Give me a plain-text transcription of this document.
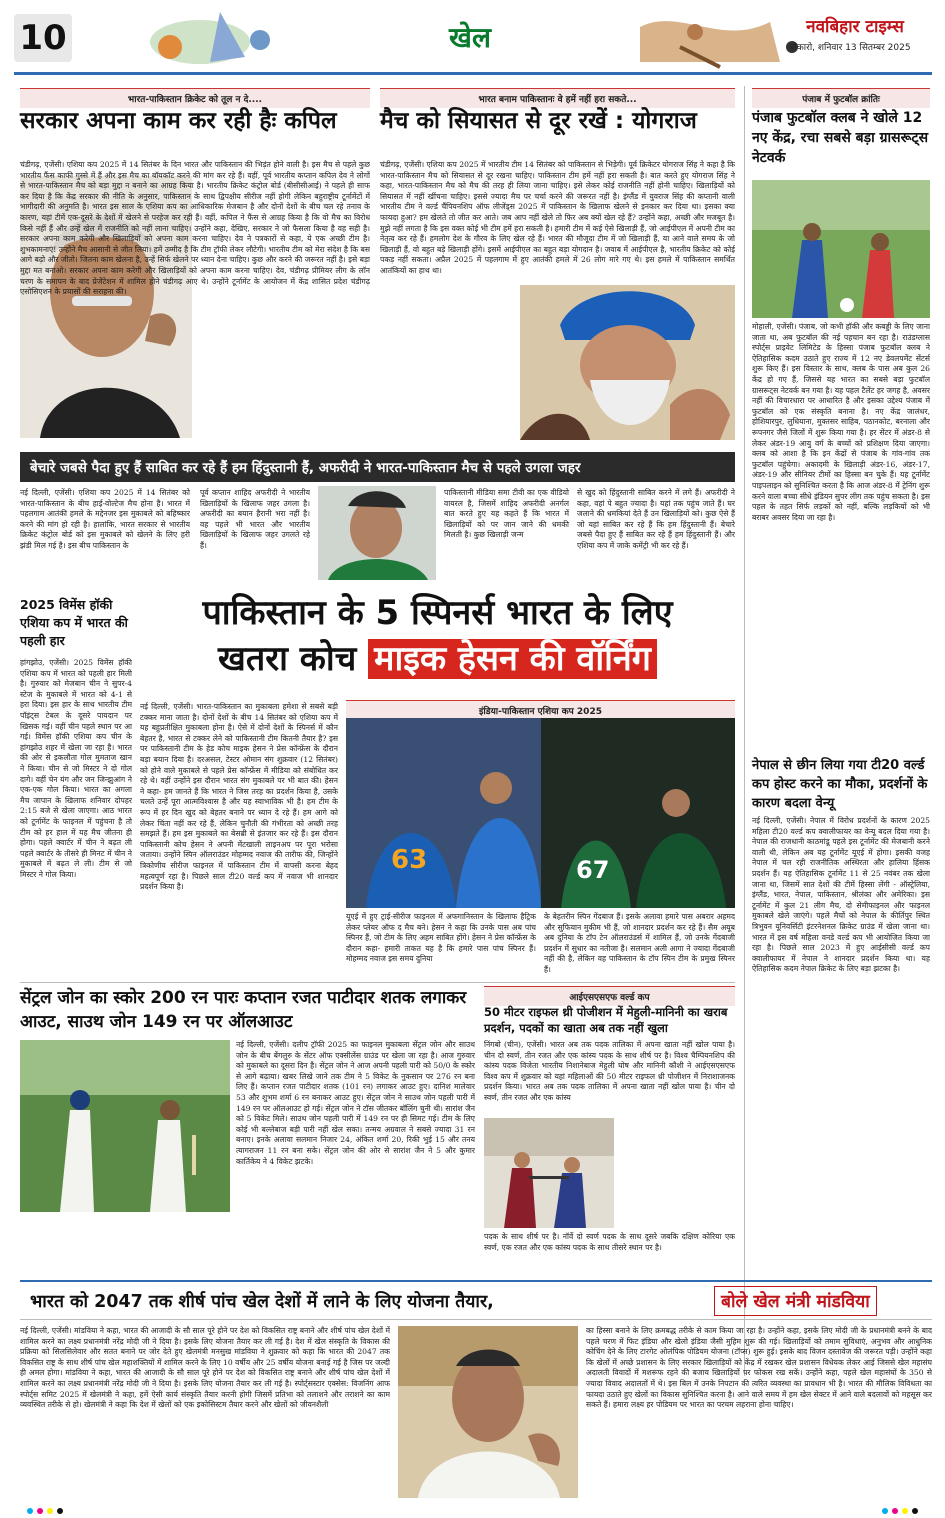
10	खेल	नवबिहार टाइम्स
बोकारो, शनिवार 13 सितम्बर 2025
भारत-पाकिस्तान क्रिकेट को तूल न दे....
सरकार अपना काम कर रही हैः कपिल
चंडीगढ़, एजेंसी। एशिया कप 2025 में 14 सितंबर के दिन भारत और पाकिस्तान की भिड़ंत होने वाली है। इस मैच से पहले कुछ भारतीय फैंस काफी गुस्से में हैं और इस मैच का बॉयकॉट करने की मांग कर रहे हैं। वहीं, पूर्व भारतीय कप्तान कपिल देव ने लोगों से भारत-पाकिस्तान मैच को बड़ा मुद्दा न बनाने का आग्रह किया है। भारतीय क्रिकेट कंट्रोल बोर्ड (बीसीसीआई) ने पहले ही साफ कर दिया है कि केंद्र सरकार की नीति के अनुसार, पाकिस्तान के साथ द्विपक्षीय सीरीज नहीं होगी लेकिन बहुराष्ट्रीय टूर्नामेंटों में भागीदारी की अनुमति है। भारत इस साल के एशिया कप का आधिकारिक मेजबान है और दोनों देशों के बीच चल रहे तनाव के कारण, यहां टीमें एक-दूसरे के देशों में खेलने से परहेज कर रही हैं। वहीं, कपिल ने फैंस से आग्रह किया है कि वो मैच का विरोध किसे नहीं हैं और उन्हें खेल में राजनीति को नहीं लाना चाहिए। उन्होंने कहा, देखिए, सरकार ने जो फैसला किया है वह सही है। सरकार अपना काम करेगी और खिलाड़ियों को अपना काम करना चाहिए। देव ने पत्रकारों से कहा, ये एक अच्छी टीम है। शुभकामनाएं! उन्होंने मैच आसानी से जीत लिया। हमें उम्मीद है कि टीम ट्रॉफी लेकर लौटेगी। भारतीय टीम को मेरा संदेश है कि बस आगे बढ़ो और जीतो। जितना काम खेलना है, उन्हें सिर्फ खेलने पर ध्यान देना चाहिए। कुछ और करने की जरूरत नहीं है। इसे बड़ा मुद्दा मत बनाओ। सरकार अपना काम करेगी और खिलाड़ियों को अपना काम करना चाहिए। देव, चंडीगढ़ प्रीमियर लीग के लॉन चरण के समापन के बाद प्रेजेंटेशन में शामिल होने चंडीगढ़ आए थे। उन्होंने टूर्नामेंट के आयोजन में केंद्र शासित प्रदेश चंडीगढ़ एसोसिएशन के प्रयासों की सराहना की।
भारत बनाम पाकिस्तानः वे हमें नहीं हरा सकते...
मैच को सियासत से दूर रखें : योगराज
चंडीगढ़, एजेंसी। एशिया कप 2025 में भारतीय टीम 14 सितंबर को पाकिस्तान से भिड़ेगी। पूर्व क्रिकेटर योगराज सिंह ने कहा है कि भारत-पाकिस्तान मैच को सियासत से दूर रखना चाहिए। पाकिस्तान टीम हमें नहीं हरा सकती है। बात करते हुए योगराज सिंह ने कहा, भारत-पाकिस्तान मैच को मैच की तरह ही लिया जाना चाहिए। इसे लेकर कोई राजनीति नहीं होनी चाहिए। खिलाड़ियों को सियासत में नहीं खींचना चाहिए। इससे ज्यादा मैच पर चर्चा करने की जरूरत नहीं है। इंग्लैंड में युवराज सिंह की कप्तानी वाली भारतीय टीम ने वर्ल्ड चैंपियनशिप ऑफ लीजेंड्स 2025 में पाकिस्तान के खिलाफ खेलने से इनकार कर दिया था। इसका क्या फायदा हुआ? हम खेलते तो जीत कर आते। जब आप नहीं खेले तो फिर अब क्यों खेल रहे हैं? उन्होंने कहा, अच्छी और मजबूत है। मुझे नहीं लगता है कि इस वक्त कोई भी टीम हमें हरा सकती है। हमारी टीम में कई ऐसे खिलाड़ी हैं, जो आईपीएल में अपनी टीम का नेतृत्व कर रहे हैं। हमलोग देश के गौरव के लिए खेल रहे हैं। भारत की मौजूदा टीम में जो खिलाड़ी हैं, या आने वाले समय के जो खिलाड़ी हैं, वो बहुत बड़े खिलाड़ी होंगे। इसमें आईपीएल का बहुत बड़ा योगदान है। जवाब में आईपीएल है, भारतीय क्रिकेट को कोई पकड़ नहीं सकता। अप्रैल 2025 में पहलगाम में हुए आतंकी हमले में 26 लोग मारे गए थे। इस हमले में पाकिस्तान समर्थित आतंकियों का हाथ था।
बेचारे जबसे पैदा हुए हैं साबित कर रहे हैं हम हिंदुस्तानी हैं, अफरीदी ने भारत-पाकिस्तान मैच से पहले उगला जहर
नई दिल्ली, एजेंसी। एशिया कप 2025 में 14 सितंबर को भारत-पाकिस्तान के बीच हाई-वोल्टेज मैच होना है। भारत में पहलगाम आतंकी हमले के मद्देनजर इस मुकाबले को बहिष्कार करने की मांग हो रही है। हालांकि, भारत सरकार से भारतीय क्रिकेट कंट्रोल बोर्ड को इस मुकाबले को खेलने के लिए हरी झंडी मिल गई है। इस बीच पाकिस्तान के
पूर्व कप्तान शाहिद अफरीदी ने भारतीय खिलाड़ियों के खिलाफ जहर उगला है। अफरीदी का बयान हैरानी भरा नहीं है। वह पहले भी भारत और भारतीय खिलाड़ियों के खिलाफ जहर उगलते रहे हैं।
पाकिस्तानी मीडिया समा टीवी का एक वीडियो वायरल है, जिसमें शाहिद अफरीदी अनर्गल बात करते हुए यह कहते हैं कि भारत में खिलाड़ियों को पर जान जाने की धमकी मिलती है। कुछ खिलाड़ी जन्म
से खुद को हिंदुस्तानी साबित करने में लगे हैं। अफरीदी ने कहा, वहां पे बहुत ज्यादा है। यहां तक पहुंच जाते हैं। घर जलाने की धमकियां देते हैं उन खिलाड़ियों को। कुछ ऐसे हैं जो यहां साबित कर रहे हैं कि हम हिंदुस्तानी हैं। बेचारे जबसे पैदा हुए हैं साबित कर रहे हैं हम हिंदुस्तानी हैं। और एशिया कप में जाके कमेंट्री भी कर रहे हैं।
2025 विमेंस हॉकी एशिया कप में भारत की पहली हार
हांगझोउ, एजेंसी। 2025 विमेंस हॉकी एशिया कप में भारत को पहली हार मिली है। गुरुवार को मेजबान चीन ने सुपर-4 स्टेज के मुकाबले में भारत को 4-1 से हरा दिया। इस हार के साथ भारतीय टीम पॉइंट्स टेबल के दूसरे पायदान पर खिसक गई। वहीं चीन पहले स्थान पर आ गई। विमेंस हॉकी एशिया कप चीन के हांगझोउ शहर में खेला जा रहा है। भारत की ओर से इकलौता गोल मुमताज खान ने किया। चीन से जो मिस्टर ने दो गोल दागे। वहीं चेन यंग और जन जिन्झुआंग ने एक-एक गोल किया। भारत का अगला मैच जापान के खिलाफ शनिवार दोपहर 2:15 बजे से खेला जाएगा। आठ भारत को टूर्नामेंट के फाइनल में पहुंचना है तो टीम को हर हाल में यह मैच जीतना ही होगा। पहले क्वार्टर में चीन ने बढ़त ली पहले क्वार्टर के तीसरे ही मिनट में चीन ने मुकाबले में बढ़त ले ली। टीम से जो मिस्टर ने गोल किया।
पाकिस्तान के 5 स्पिनर्स भारत के लिए
खतरा कोच माइक हेसन की वॉर्निंग
नई दिल्ली, एजेंसी। भारत-पाकिस्तान का मुकाबला हमेशा से सबसे बड़ी टक्कर माना जाता है। दोनों देशों के बीच 14 सितंबर को एशिया कप में यह बहुप्रतीक्षित मुकाबला होना है। ऐसे में दोनों देशों के स्पिनर्स में कौन बेहतर है, भारत से टक्कर लेने को पाकिस्तानी टीम कितनी तैयार है? इस पर पाकिस्तानी टीम के हेड कोच माइक हेसन ने प्रेस कॉन्फ्रेंस के दौरान बड़ा बयान दिया है। दरअसल, टेस्टर ओमान संग शुक्रवार (12 सितंबर) को होने वाले मुकाबले से पहले प्रेस कॉन्फ्रेंस में मीडिया को संबोधित कर रहे थे। वहीं उन्होंने इस दौरान भारत संग मुकाबले पर भी बात की। हेसन ने कहा- हम जानते हैं कि भारत ने जिस तरह का प्रदर्शन किया है, उसके चलते उन्हें पूरा आत्मविश्वास है और यह स्वाभाविक भी है। हम टीम के रूप में हर दिन खुद को बेहतर बनाने पर ध्यान दे रहे हैं। हम आगे को लेकर चिंता नहीं कर रहे हैं, लेकिन चुनौती की गंभीरता को अच्छी तरह समझते हैं। हम इस मुकाबले का बेसब्री से इंतजार कर रहे हैं। इस दौरान पाकिस्तानी कोच हेसन ने अपनी मेंटखाली लाइनअप पर पूरा भरोसा जताया। उन्होंने स्पिन ऑलराउंडर मोहम्मद नवाज की तारीफ की, जिन्होंने त्रिकोणीय सीरीज फाइनल में पाकिस्तान टीम में वापसी करना बेहद महत्वपूर्ण रहा है। पिछले साल टी20 वर्ल्ड कप में नवाज भी शानदार प्रदर्शन किया है।
इंडिया-पाकिस्तान एशिया कप 2025
63	67
यूएई में हुए ट्राई-सीरीज फाइनल में अफगानिस्तान के खिलाफ हैट्रिक लेकर प्लेयर ऑफ द मैच बने। हेसन ने कहा कि उनके पास अब पांच स्पिनर हैं, जो टीम के लिए अहम साबित होंगे। हेसन ने प्रेस कॉन्फ्रेंस के दौरान कहा- हमारी ताकत यह है कि हमारे पास पांच स्पिनर हैं। मोहम्मद नवाज इस समय दुनिया
के बेहतरीन स्पिन गेंदबाज हैं। इसके अलावा हमारे पास अबरार अहमद और सुफियान मुकीम भी हैं, जो शानदार प्रदर्शन कर रहे हैं। सैम अयूब अब दुनिया के टॉप टेन ऑलराउंडर्स में शामिल हैं, जो उनके गेंदबाजी प्रदर्शन में सुधार का नतीजा है। सलमान अली आगा ने ज्यादा गेंदबाजी नहीं की है, लेकिन वह पाकिस्तान के टॉप स्पिन टीम के प्रमुख स्पिनर हैं।
पंजाब में फुटबॉल क्रांतिः
पंजाब फुटबॉल क्लब ने खोले 12 नए केंद्र, रचा सबसे बड़ा ग्रासरूट्स नेटवर्क
मोहाली, एजेंसी। पंजाब, जो कभी हॉकी और कबड्डी के लिए जाना जाता था, अब फुटबॉल की नई पहचान बन रहा है। राउंडग्लास स्पोर्ट्स प्राइवेट लिमिटेड के हिस्सा पंजाब फुटबॉल क्लब ने ऐतिहासिक कदम उठाते हुए राज्य में 12 नए डेवलपमेंट सेंटर्स शुरू किए हैं। इस विस्तार के साथ, क्लब के पास अब कुल 26 केंद्र हो गए हैं, जिससे यह भारत का सबसे बड़ा फुटबॉल ग्रासरूट्स नेटवर्क बन गया है। यह पहल टैलेंट हर जगह है, अवसर नहीं की विचारधारा पर आधारित है और इसका उद्देश्य पंजाब में फुटबॉल को एक संस्कृति बनाना है। नए केंद्र जालंधर, होशियारपुर, लुधियाना, मुक्तसर साहिब, पठानकोट, बरनाला और रूपनगर जैसे जिलों में शुरू किया गया है। हर सेंटर में अंडर-8 से लेकर अंडर-19 आयु वर्ग के बच्चों को प्रशिक्षण दिया जाएगा। क्लब को आशा है कि इन केंद्रों से पंजाब के गांव-गांव तक फुटबॉल पहुंचेगा। अकादमी के खिलाड़ी अंडर-16, अंडर-17, अंडर-19 और सीनियर टीमों का हिस्सा बन चुके हैं। यह टूर्नामेंट पाइपलाइन को सुनिश्चित करता है कि आज अंडर-8 में ट्रेनिंग शुरू करने वाला बच्चा सीधे इंडियन सुपर लीग तक पहुंच सकता है। इस पहल के तहत सिर्फ लड़कों को नहीं, बल्कि लड़कियों को भी बराबर अवसर दिया जा रहा है।
नेपाल से छीन लिया गया टी20 वर्ल्ड कप होस्ट करने का मौका, प्रदर्शनों के कारण बदला वेन्यू
नई दिल्ली, एजेंसी। नेपाल में विरोध प्रदर्शनों के कारण 2025 महिला टी20 वर्ल्ड कप क्वालीफायर का वेन्यू बदल दिया गया है। नेपाल की राजधानी काठमांडू पहले इस टूर्नामेंट की मेजबानी करने वाली थी, लेकिन अब यह टूर्नामेंट यूएई में होगा। इसकी वजह नेपाल में चल रही राजनीतिक अस्थिरता और हालिया हिंसक प्रदर्शन हैं। यह ऐतिहासिक टूर्नामेंट 11 से 25 नवंबर तक खेला जाना था, जिसमें सात देशों की टीमें हिस्सा लेंगी - ऑस्ट्रेलिया, इंग्लैंड, भारत, नेपाल, पाकिस्तान, श्रीलंका और अमेरिका। इस टूर्नामेंट में कुल 21 लीग मैच, दो सेमीफाइनल और फाइनल मुकाबले खेले जाएंगे। पहले मैचों को नेपाल के कीर्तिपुर स्थित त्रिभुवन यूनिवर्सिटी इंटरनेशनल क्रिकेट ग्राउंड में खेला जाना था। भारत में इस वर्ष महिला वनडे वर्ल्ड कप भी आयोजित किया जा रहा है। पिछले साल 2023 में हुए आईसीसी वर्ल्ड कप क्वालीफायर में नेपाल ने शानदार प्रदर्शन किया था। यह ऐतिहासिक कदम नेपाल क्रिकेट के लिए बड़ा झटका है।
सेंट्रल जोन का स्कोर 200 रन पारः कप्तान रजत पाटीदार शतक लगाकर आउट, साउथ जोन 149 रन पर ऑलआउट
नई दिल्ली, एजेंसी। दलीप ट्रॉफी 2025 का फाइनल मुकाबला सेंट्रल जोन और साउथ जोन के बीच बेंगलुरु के सेंटर ऑफ एक्सीलेंस ग्राउंड पर खेला जा रहा है। आज गुरुवार को मुकाबले का दूसरा दिन है। सेंट्रल जोन ने आज अपनी पहली पारी को 50/0 के स्कोर से आगे बढ़ाया। खबर लिखे जाने तक टीम ने 5 विकेट के नुकसान पर 276 रन बना लिए हैं। कप्तान रजत पाटीदार शतक (101 रन) लगाकर आउट हुए। दानिश मालेवार 53 और शुभम शर्मा 6 रन बनाकर आउट हुए। सेंट्रल जोन ने साउथ जोन पहली पारी में 149 रन पर ऑलआउट हो गई। सेंट्रल जोन ने टॉस जीतकर बॉलिंग चुनी थी। सारांश जैन को 5 विकेट मिले। साउथ जोन पहली पारी में 149 रन पर ही सिमट गई। टीम के लिए कोई भी बल्लेबाज बड़ी पारी नहीं खेल सका। तन्मय अग्रवाल ने सबसे ज्यादा 31 रन बनाए। इनके अलावा सलमान निजार 24, अंकित शर्मा 20, रिकी भुई 15 और तनय त्यागराजन 11 रन बना सके। सेंट्रल जोन की ओर से सारांश जैन ने 5 और कुमार कार्तिकेय ने 4 विकेट झटके।
आईएसएसएफ वर्ल्ड कप
50 मीटर राइफल थ्री पोजीशन में मेहुली-मानिनी का खराब प्रदर्शन, पदकों का खाता अब तक नहीं खुला
निंगबो (चीन), एजेंसी। भारत अब तक पदक तालिका में अपना खाता नहीं खोल पाया है। चीन दो स्वर्ण, तीन रजत और एक कांस्य पदक के साथ शीर्ष पर है। विश्व चैम्पियनशिप की कांस्य पदक विजेता भारतीय निशानेबाज मेहुली घोष और मानिनी कौशी ने आईएसएसएफ विश्व कप में शुक्रवार को यहां महिलाओं की 50 मीटर राइफल थ्री पोजीशन में निराशाजनक प्रदर्शन किया। भारत अब तक पदक तालिका में अपना खाता नहीं खोल पाया है। चीन दो स्वर्ण, तीन रजत और एक कांस्य
पदक के साथ शीर्ष पर है। नॉर्वे दो स्वर्ण पदक के साथ दूसरे जबकि दक्षिण कोरिया एक स्वर्ण, एक रजत और एक कांस्य पदक के साथ तीसरे स्थान पर है।
भारत को 2047 तक शीर्ष पांच खेल देशों में लाने के लिए योजना तैयार,	बोले खेल मंत्री मांडविया
नई दिल्ली, एजेंसी। मांडविया ने कहा, भारत की आजादी के सौ साल पूरे होने पर देश को विकसित राष्ट्र बनाने और शीर्ष पांच खेल देशों में शामिल करने का लक्ष्य प्रधानमंत्री नरेंद्र मोदी जी ने दिया है। इसके लिए योजना तैयार कर ली गई है। देश में खेल संस्कृति के विकास की प्रक्रिया को सिलसिलेवार और सतत बनाने पर जोर देते हुए खेलमंत्री मनसुख मांडविया ने शुक्रवार को कहा कि भारत की 2047 तक विकसित राष्ट्र के साथ शीर्ष पांच खेल महाशक्तियों में शामिल करने के लिए 10 वर्षीय और 25 वर्षीय योजना बनाई गई है जिस पर जल्दी ही अमल होगा। मांडविया ने कहा, भारत की आजादी के सौ साल पूरे होने पर देश को विकसित राष्ट्र बनाने और शीर्ष पांच खेल देशों में शामिल करने का लक्ष्य प्रधानमंत्री नरेंद्र मोदी जी ने दिया है। इसके लिए योजना तैयार कर ली गई है। स्पोर्ट्सस्टार एक्सेस: विजनिंग आफ स्पोर्ट्स समिट 2025 में खेलमंत्री ने कहा, हमें ऐसी कार्य संस्कृति तैयार करनी होगी जिसमें प्रतिभा को तलाशने और तराशने का काम व्यवस्थित तरीके से हो। खेलमंत्री ने कहा कि देश में खेलों को एक इकोसिस्टम तैयार करने और खेलों को जीवनशैली
का हिस्सा बनाने के लिए क्रमबद्ध तरीके से काम किया जा रहा है। उन्होंने कहा, इसके लिए मोदी जी के प्रधानमंत्री बनने के बाद पहले चरण में फिट इंडिया और खेलो इंडिया जैसी मुहिम शुरू की गई। खिलाड़ियों को तमाम सुविधाएं, अनुभव और आधुनिक कोचिंग देने के लिए टारगेट ओलंपिक पोडियम योजना (टॉप्स) शुरू हुई। इसके बाद विजन दस्तावेज की जरूरत पड़ी। उन्होंने कहा कि खेलों में अच्छे प्रशासन के लिए सरकार खिलाड़ियों को केंद्र में रखकर खेल प्रशासन विधेयक लेकर आई जिससे खेल महासंघ अदालती विवादों में मशरूफ रहने की बजाय खिलाड़ियों पर फोकस रख सकें। उन्होंने कहा, पहले खेल महासंघों के 350 से ज्यादा विवाद अदालतों में थे। इस बिल में उनके निपटान की त्वरित व्यवस्था का प्रावधान भी है। भारत की मौलिक विविधता का फायदा उठाते हुए खेलों का विकास सुनिश्चित करना है। आने वाले समय में हम खेल सेक्टर में आने वाले बदलावों को महसूस कर सकते हैं। हमारा लक्ष्य हर पोडियम पर भारत का परचम लहराना होना चाहिए।
